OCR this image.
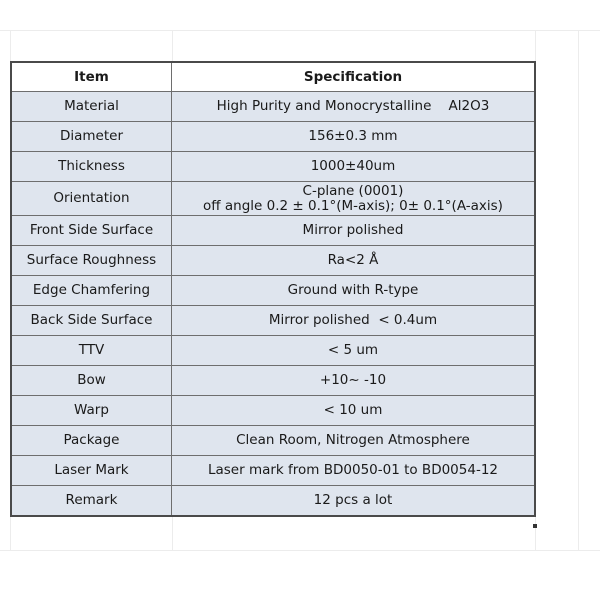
Item	Specification
Material	High Purity and Monocrystalline    Al2O3

Diameter	156±0.3 mm

Thickness	1000±40um

Orientation	C-plane (0001)
off angle 0.2 ± 0.1°(M-axis); 0± 0.1°(A-axis)

Front Side Surface	Mirror polished

Surface Roughness	Ra<2 Å

Edge Chamfering	Ground with R-type

Back Side Surface	Mirror polished  < 0.4um

TTV	< 5 um

Bow	+10~ -10

Warp	< 10 um

Package	Clean Room, Nitrogen Atmosphere

Laser Mark	Laser mark from BD0050-01 to BD0054-12

Remark	12 pcs a lot
